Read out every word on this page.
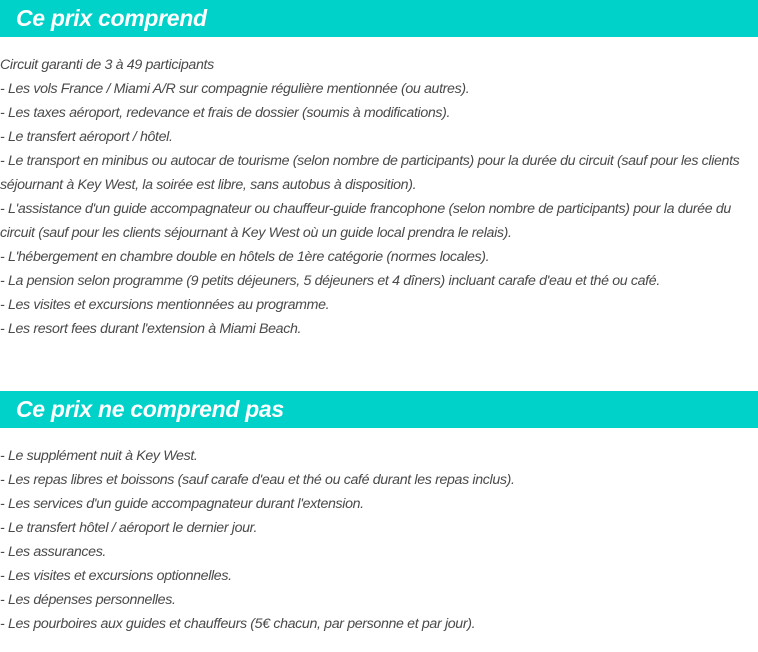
Ce prix comprend
Circuit garanti de 3 à 49 participants
- Les vols France / Miami A/R sur compagnie régulière mentionnée (ou autres).
- Les taxes aéroport, redevance et frais de dossier (soumis à modifications).
- Le transfert aéroport / hôtel.
- Le transport en minibus ou autocar de tourisme (selon nombre de participants) pour la durée du circuit (sauf pour les clients séjournant à Key West, la soirée est libre, sans autobus à disposition).
- L'assistance d'un guide accompagnateur ou chauffeur-guide francophone (selon nombre de participants) pour la durée du circuit (sauf pour les clients séjournant à Key West où un guide local prendra le relais).
- L'hébergement en chambre double en hôtels de 1ère catégorie (normes locales).
- La pension selon programme (9 petits déjeuners, 5 déjeuners et 4 dîners) incluant carafe d'eau et thé ou café.
- Les visites et excursions mentionnées au programme.
- Les resort fees durant l'extension à Miami Beach.
Ce prix ne comprend pas
- Le supplément nuit à Key West.
- Les repas libres et boissons (sauf carafe d'eau et thé ou café durant les repas inclus).
- Les services d'un guide accompagnateur durant l'extension.
- Le transfert hôtel / aéroport le dernier jour.
- Les assurances.
- Les visites et excursions optionnelles.
- Les dépenses personnelles.
- Les pourboires aux guides et chauffeurs (5€ chacun, par personne et par jour).
